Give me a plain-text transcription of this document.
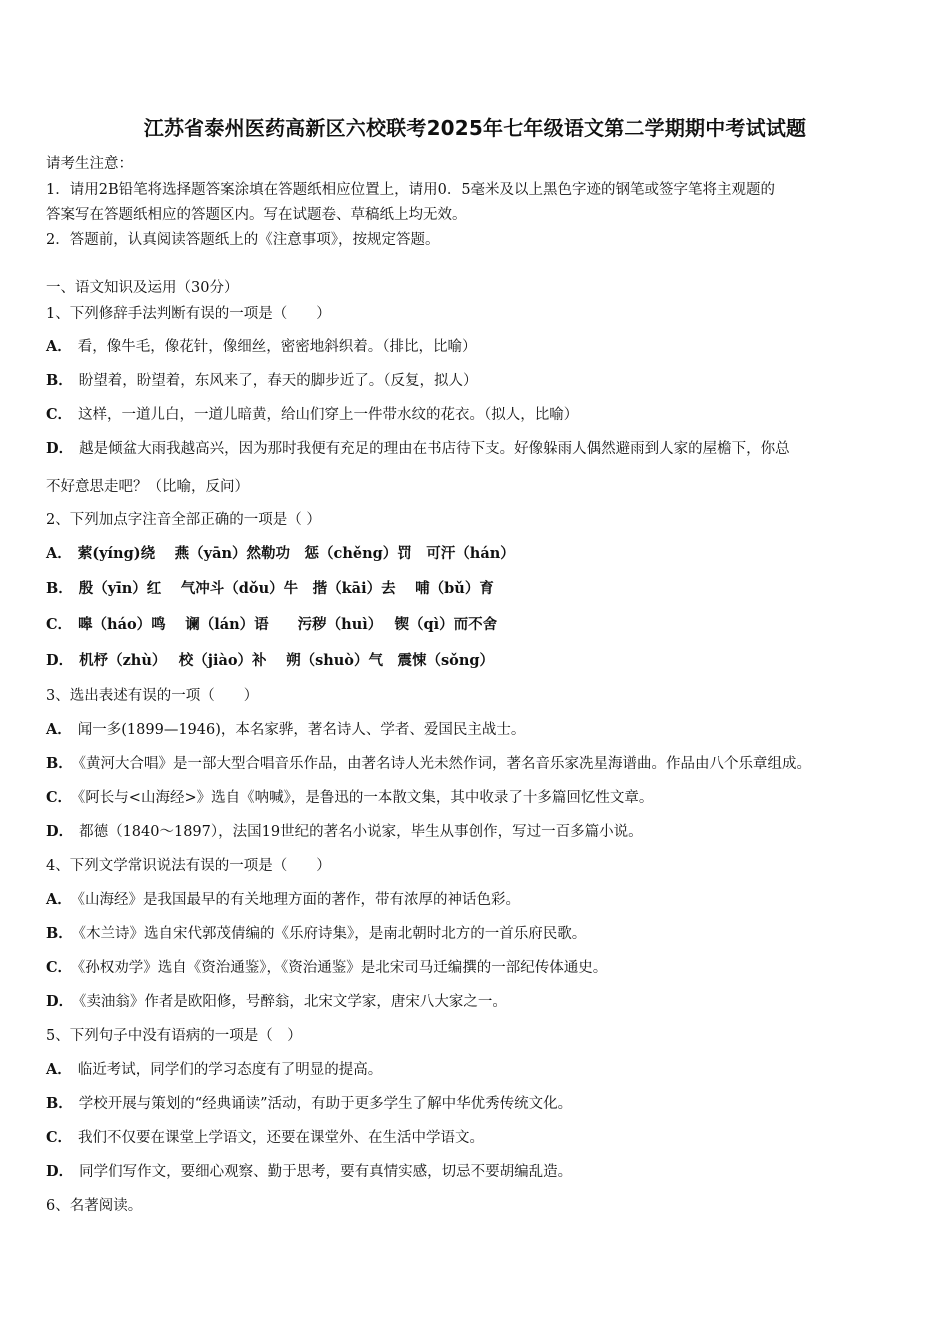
江苏省泰州医药高新区六校联考2025年七年级语文第二学期期中考试试题
请考生注意：
1．请用2B铅笔将选择题答案涂填在答题纸相应位置上，请用0．5毫米及以上黑色字迹的钢笔或签字笔将主观题的
答案写在答题纸相应的答题区内。写在试题卷、草稿纸上均无效。
2．答题前，认真阅读答题纸上的《注意事项》，按规定答题。
一、语文知识及运用（30分）
1、下列修辞手法判断有误的一项是（　　）
A． 看，像牛毛，像花针，像细丝，密密地斜织着。（排比，比喻）
B． 盼望着，盼望着，东风来了，春天的脚步近了。（反复，拟人）
C． 这样，一道儿白，一道儿暗黄，给山们穿上一件带水纹的花衣。（拟人，比喻）
D． 越是倾盆大雨我越高兴，因为那时我便有充足的理由在书店待下支。好像躲雨人偶然避雨到人家的屋檐下，你总
不好意思走吧？（比喻，反问）
2、下列加点字注音全部正确的一项是（ ）
A． 萦(yíng)绕　 燕（yān）然勒功　惩（chěng）罚　可汗（hán）
B． 殷（yīn）红　 气冲斗（dǒu）牛　揩（kāi）去　 哺（bǔ）育
C． 嗥（háo）鸣　 谰（lán）语　　污秽（huì）　 锲（qì）而不舍
D． 机杼（zhù）　 校（jiào）补　 朔（shuò）气　震悚（sǒng）
3、选出表述有误的一项（　　）
A． 闻一多(1899—1946)，本名家骅，著名诗人、学者、爱国民主战士。
B． 《黄河大合唱》是一部大型合唱音乐作品，由著名诗人光未然作词，著名音乐家冼星海谱曲。作品由八个乐章组成。
C． 《阿长与<山海经>》选自《呐喊》，是鲁迅的一本散文集，其中收录了十多篇回忆性文章。
D． 都德（1840～1897），法国19世纪的著名小说家，毕生从事创作，写过一百多篇小说。
4、下列文学常识说法有误的一项是（　　）
A． 《山海经》是我国最早的有关地理方面的著作，带有浓厚的神话色彩。
B． 《木兰诗》选自宋代郭茂倩编的《乐府诗集》，是南北朝时北方的一首乐府民歌。
C． 《孙权劝学》选自《资治通鉴》，《资治通鉴》是北宋司马迁编撰的一部纪传体通史。
D． 《卖油翁》作者是欧阳修，号醉翁，北宋文学家，唐宋八大家之一。
5、下列句子中没有语病的一项是（　）
A． 临近考试，同学们的学习态度有了明显的提高。
B． 学校开展与策划的“经典诵读”活动，有助于更多学生了解中华优秀传统文化。
C． 我们不仅要在课堂上学语文，还要在课堂外、在生活中学语文。
D． 同学们写作文，要细心观察、勤于思考，要有真情实感，切忌不要胡编乱造。
6、名著阅读。
